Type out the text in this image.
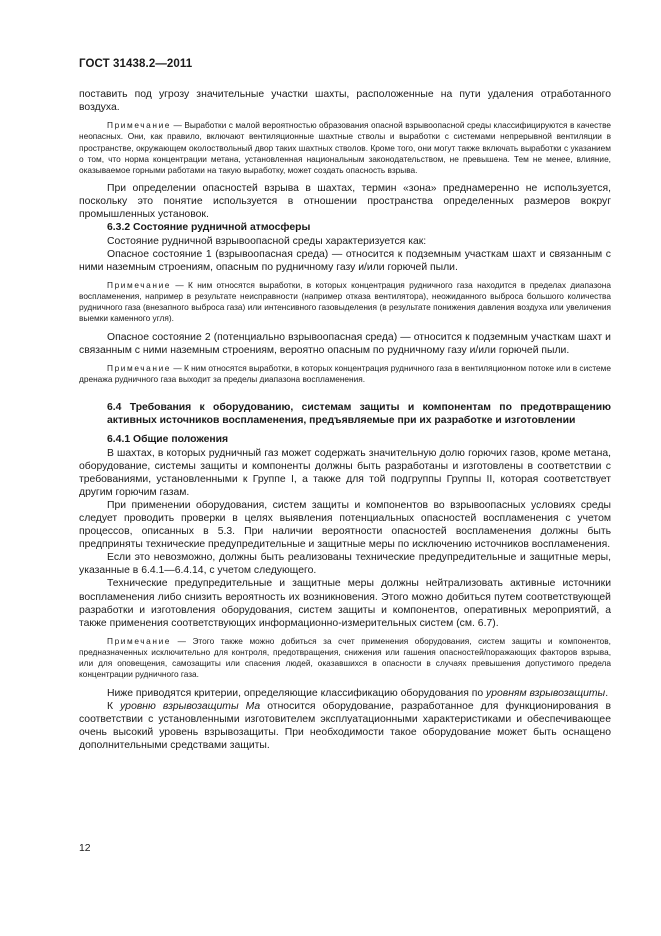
ГОСТ 31438.2—2011

поставить под угрозу значительные участки шахты, расположенные на пути удаления отработанного воздуха.

Примечание — Выработки с малой вероятностью образования опасной взрывоопасной среды классифицируются в качестве неопасных. Они, как правило, включают вентиляционные шахтные стволы и выработки с системами непрерывной вентиляции в пространстве, окружающем околоствольный двор таких шахтных стволов. Кроме того, они могут также включать выработки с указанием о том, что норма концентрации метана, установленная национальным законодательством, не превышена. Тем не менее, влияние, оказываемое горными работами на такую выработку, может создать опасность взрыва.

При определении опасностей взрыва в шахтах, термин «зона» преднамеренно не используется, поскольку это понятие используется в отношении пространства определенных размеров вокруг промышленных установок.

6.3.2 Состояние рудничной атмосферы

Состояние рудничной взрывоопасной среды характеризуется как:

Опасное состояние 1 (взрывоопасная среда) — относится к подземным участкам шахт и связанным с ними наземным строениям, опасным по рудничному газу и/или горючей пыли.

Примечание — К ним относятся выработки, в которых концентрация рудничного газа находится в пределах диапазона воспламенения, например в результате неисправности (например отказа вентилятора), неожиданного выброса большого количества рудничного газа (внезапного выброса газа) или интенсивного газовыделения (в результате понижения давления воздуха или увеличения выемки каменного угля).

Опасное состояние 2 (потенциально взрывоопасная среда) — относится к подземным участкам шахт и связанным с ними наземным строениям, вероятно опасным по рудничному газу и/или горючей пыли.

Примечание — К ним относятся выработки, в которых концентрация рудничного газа в вентиляционном потоке или в системе дренажа рудничного газа выходит за пределы диапазона воспламенения.

6.4 Требования к оборудованию, системам защиты и компонентам по предотвращению активных источников воспламенения, предъявляемые при их разработке и изготовлении

6.4.1 Общие положения

В шахтах, в которых рудничный газ может содержать значительную долю горючих газов, кроме метана, оборудование, системы защиты и компоненты должны быть разработаны и изготовлены в соответствии с требованиями, установленными к Группе I, а также для той подгруппы Группы II, которая соответствует другим горючим газам.

При применении оборудования, систем защиты и компонентов во взрывоопасных условиях среды следует проводить проверки в целях выявления потенциальных опасностей воспламенения с учетом процессов, описанных в 5.3. При наличии вероятности опасностей воспламенения должны быть предприняты технические предупредительные и защитные меры по исключению источников воспламенения.

Если это невозможно, должны быть реализованы технические предупредительные и защитные меры, указанные в 6.4.1—6.4.14, с учетом следующего.

Технические предупредительные и защитные меры должны нейтрализовать активные источники воспламенения либо снизить вероятность их возникновения. Этого можно добиться путем соответствующей разработки и изготовления оборудования, систем защиты и компонентов, оперативных мероприятий, а также применения соответствующих информационно-измерительных систем (см. 6.7).

Примечание — Этого также можно добиться за счет применения оборудования, систем защиты и компонентов, предназначенных исключительно для контроля, предотвращения, снижения или гашения опасностей/поражающих факторов взрыва, или для оповещения, самозащиты или спасения людей, оказавшихся в опасности в случаях превышения допустимого предела концентрации рудничного газа.

Ниже приводятся критерии, определяющие классификацию оборудования по уровням взрывозащиты.

К уровню взрывозащиты Ма относится оборудование, разработанное для функционирования в соответствии с установленными изготовителем эксплуатационными характеристиками и обеспечивающее очень высокий уровень взрывозащиты. При необходимости такое оборудование может быть оснащено дополнительными средствами защиты.

12
